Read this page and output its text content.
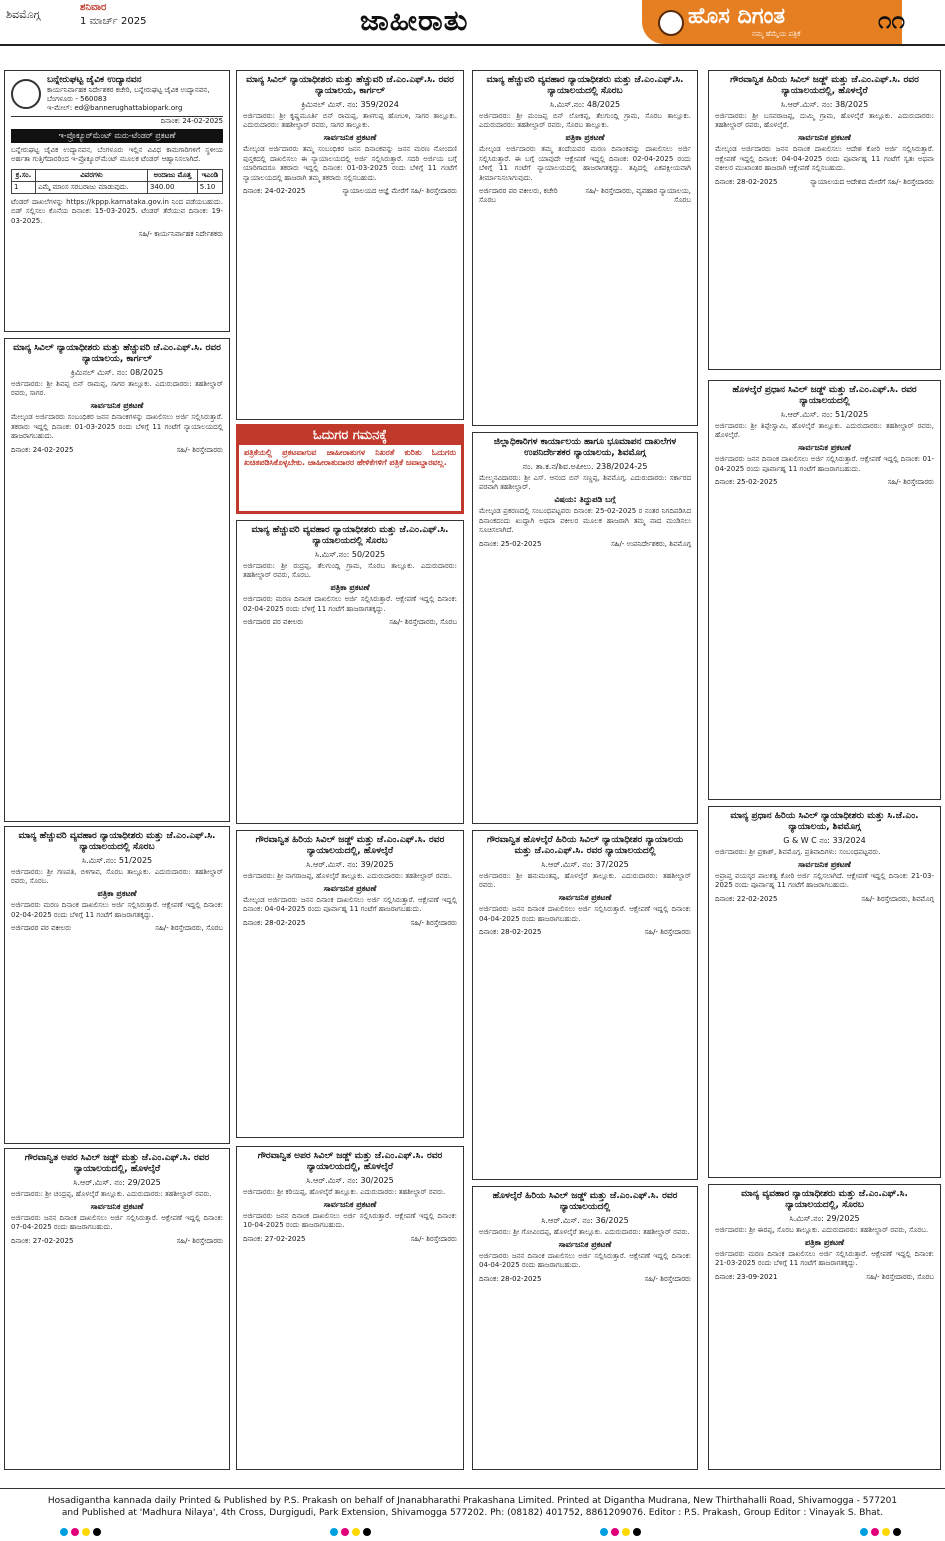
ಶಿವಮೊಗ್ಗ
ಶನಿವಾರ
1 ಮಾರ್ಚ್ 2025	ಜಾಹೀರಾತು	ಹೊಸ ದಿಗಂತ
ನಮ್ಮ ಹೆಮ್ಮೆಯ ಪತ್ರಿಕೆ	೧೧
ಬನ್ನೇರುಘಟ್ಟ ಜೈವಿಕ ಉದ್ಯಾನವನ
ಕಾರ್ಯನಿರ್ವಾಹಕ ನಿರ್ದೇಶಕರ ಕಚೇರಿ, ಬನ್ನೇರುಘಟ್ಟ ಜೈವಿಕ ಉದ್ಯಾನವನ, ಬೆಂಗಳೂರು - 560083
ಇ-ಮೇಲ್: ed@bannerughattabiopark.org
ದಿನಾಂಕ: 24-02-2025
ಇ-ಪ್ರೊಕ್ಯೂರ್‌ಮೆಂಟ್ ಮರು-ಟೆಂಡರ್ ಪ್ರಕಟಣೆ
ಬನ್ನೇರುಘಟ್ಟ ಜೈವಿಕ ಉದ್ಯಾನವನ, ಬೆಂಗಳೂರು ಇಲ್ಲಿನ ವಿವಿಧ ಕಾಮಗಾರಿಗಳಿಗೆ ಸ್ಥಳೀಯ ಅರ್ಹತಾ ಗುತ್ತಿಗೆದಾರರಿಂದ ಇ-ಪ್ರೊಕ್ಯೂರ್‌ಮೆಂಟ್ ಮೂಲಕ ಟೆಂಡರ್ ಆಹ್ವಾನಿಸಲಾಗಿದೆ.
ಕ್ರ.ಸಂ.	ವಿವರಗಳು	ಅಂದಾಜು ಮೊತ್ತ	ಇಎಂಡಿ
1	ಎಮ್ಮೆ ಮಾಂಸ ಸರಬರಾಜು ಮಾಡುವುದು.	340.00	5.10
ಟೆಂಡರ್ ದಾಖಲೆಗಳನ್ನು https://kppp.karnataka.gov.in ನಿಂದ ಪಡೆಯಬಹುದು. ಬಿಡ್ ಸಲ್ಲಿಸಲು ಕೊನೆಯ ದಿನಾಂಕ: 15-03-2025. ಟೆಂಡರ್ ತೆರೆಯುವ ದಿನಾಂಕ: 19-03-2025.
ಸಹಿ/- ಕಾರ್ಯನಿರ್ವಾಹಕ ನಿರ್ದೇಶಕರು
ಓದುಗರ ಗಮನಕ್ಕೆ
ಪತ್ರಿಕೆಯಲ್ಲಿ ಪ್ರಕಟವಾಗುವ ಜಾಹೀರಾತುಗಳ ನಿಖರತೆ ಕುರಿತು ಓದುಗರು ಖಚಿತಪಡಿಸಿಕೊಳ್ಳಬೇಕು. ಜಾಹೀರಾತುದಾರರ ಹೇಳಿಕೆಗಳಿಗೆ ಪತ್ರಿಕೆ ಜವಾಬ್ದಾರವಲ್ಲ.
ಮಾನ್ಯ ಸಿವಿಲ್ ನ್ಯಾಯಾಧೀಶರು ಮತ್ತು ಹೆಚ್ಚುವರಿ ಜೆ.ಎಂ.ಎಫ್.ಸಿ. ರವರ ನ್ಯಾಯಾಲಯ, ಕಾರ್ಗಲ್
ಕ್ರಿಮಿನಲ್ ಮಿಸ್. ನಂ: 359/2024
ಅರ್ಜಿದಾರರು: ಶ್ರೀ ಕೃಷ್ಣಮೂರ್ತಿ ಬಿನ್ ರಾಮಪ್ಪ, ತಾಳಗುಪ್ಪ ಹೋಬಳಿ, ಸಾಗರ ತಾಲ್ಲೂಕು. ಎದುರುದಾರರು: ತಹಶೀಲ್ದಾರ್ ರವರು, ಸಾಗರ ತಾಲ್ಲೂಕು.
ಸಾರ್ವಜನಿಕ ಪ್ರಕಟಣೆ
ಮೇಲ್ಕಂಡ ಅರ್ಜಿದಾರರು ತಮ್ಮ ಸಂಬಂಧಿಕರ ಜನನ ದಿನಾಂಕವನ್ನು ಜನನ ಮರಣ ನೋಂದಣಿ ಪುಸ್ತಕದಲ್ಲಿ ದಾಖಲಿಸಲು ಈ ನ್ಯಾಯಾಲಯದಲ್ಲಿ ಅರ್ಜಿ ಸಲ್ಲಿಸಿರುತ್ತಾರೆ. ಸದರಿ ಅರ್ಜಿಯ ಬಗ್ಗೆ ಯಾರಿಗಾದರೂ ತಕರಾರು ಇದ್ದಲ್ಲಿ ದಿನಾಂಕ: 01-03-2025 ರಂದು ಬೆಳಿಗ್ಗೆ 11 ಗಂಟೆಗೆ ನ್ಯಾಯಾಲಯದಲ್ಲಿ ಹಾಜರಾಗಿ ತಮ್ಮ ತಕರಾರು ಸಲ್ಲಿಸಬಹುದು.
ದಿನಾಂಕ: 24-02-2025	ನ್ಯಾಯಾಲಯದ ಆಜ್ಞೆ ಮೇರೆಗೆ ಸಹಿ/- ಶಿರಸ್ತೇದಾರರು
ಮಾನ್ಯ ಹೆಚ್ಚುವರಿ ವ್ಯವಹಾರ ನ್ಯಾಯಾಧೀಶರು ಮತ್ತು ಜೆ.ಎಂ.ಎಫ್.ಸಿ. ನ್ಯಾಯಾಲಯದಲ್ಲಿ ಸೊರಬ
ಸಿ.ಮಿಸ್.ನಂ: 48/2025
ಅರ್ಜಿದಾರರು: ಶ್ರೀ ಮಂಜಪ್ಪ ಬಿನ್ ಲೋಕಪ್ಪ, ತೆಲಗುಂದ್ಲಿ ಗ್ರಾಮ, ಸೊರಬ ತಾಲ್ಲೂಕು. ಎದುರುದಾರರು: ತಹಶೀಲ್ದಾರ್ ರವರು, ಸೊರಬ ತಾಲ್ಲೂಕು.
ಪತ್ರಿಕಾ ಪ್ರಕಟಣೆ
ಮೇಲ್ಕಂಡ ಅರ್ಜಿದಾರರು ತಮ್ಮ ತಂದೆಯವರ ಮರಣ ದಿನಾಂಕವನ್ನು ದಾಖಲಿಸಲು ಅರ್ಜಿ ಸಲ್ಲಿಸಿರುತ್ತಾರೆ. ಈ ಬಗ್ಗೆ ಯಾವುದೇ ಆಕ್ಷೇಪಣೆ ಇದ್ದಲ್ಲಿ ದಿನಾಂಕ: 02-04-2025 ರಂದು ಬೆಳಿಗ್ಗೆ 11 ಗಂಟೆಗೆ ನ್ಯಾಯಾಲಯದಲ್ಲಿ ಹಾಜರಾಗತಕ್ಕದ್ದು. ತಪ್ಪಿದಲ್ಲಿ ಏಕಪಕ್ಷೀಯವಾಗಿ ತೀರ್ಮಾನಿಸಲಾಗುವುದು.
ಅರ್ಜಿದಾರರ ಪರ ವಕೀಲರು, ಕಚೇರಿ ಸೊರಬ
ಸಹಿ/- ಶಿರಸ್ತೇದಾರರು, ವ್ಯವಹಾರ ನ್ಯಾಯಾಲಯ, ಸೊರಬ
ಗೌರವಾನ್ವಿತ ಹಿರಿಯ ಸಿವಿಲ್ ಜಡ್ಜ್ ಮತ್ತು ಜೆ.ಎಂ.ಎಫ್.ಸಿ. ರವರ ನ್ಯಾಯಾಲಯದಲ್ಲಿ, ಹೊಳಲ್ಕೆರೆ
ಸಿ.ಆರ್.ಮಿಸ್. ನಂ: 38/2025
ಅರ್ಜಿದಾರರು: ಶ್ರೀ ಬಸವರಾಜಪ್ಪ, ದುಮ್ಮಿ ಗ್ರಾಮ, ಹೊಳಲ್ಕೆರೆ ತಾಲ್ಲೂಕು. ಎದುರುದಾರರು: ತಹಶೀಲ್ದಾರ್ ರವರು, ಹೊಳಲ್ಕೆರೆ.
ಸಾರ್ವಜನಿಕ ಪ್ರಕಟಣೆ
ಮೇಲ್ಕಂಡ ಅರ್ಜಿದಾರರು ಜನನ ದಿನಾಂಕ ದಾಖಲಿಸಲು ಆದೇಶ ಕೋರಿ ಅರ್ಜಿ ಸಲ್ಲಿಸಿರುತ್ತಾರೆ. ಆಕ್ಷೇಪಣೆ ಇದ್ದಲ್ಲಿ ದಿನಾಂಕ: 04-04-2025 ರಂದು ಪೂರ್ವಾಹ್ನ 11 ಗಂಟೆಗೆ ಸ್ವತಃ ಅಥವಾ ವಕೀಲರ ಮುಖಾಂತರ ಹಾಜರಾಗಿ ಆಕ್ಷೇಪಣೆ ಸಲ್ಲಿಸಬಹುದು.
ದಿನಾಂಕ: 28-02-2025	ನ್ಯಾಯಾಲಯದ ಆದೇಶದ ಮೇರೆಗೆ ಸಹಿ/- ಶಿರಸ್ತೇದಾರರು
ಮಾನ್ಯ ಸಿವಿಲ್ ನ್ಯಾಯಾಧೀಶರು ಮತ್ತು ಹೆಚ್ಚುವರಿ ಜೆ.ಎಂ.ಎಫ್.ಸಿ. ರವರ ನ್ಯಾಯಾಲಯ, ಕಾರ್ಗಲ್
ಕ್ರಿಮಿನಲ್ ಮಿಸ್. ನಂ: 08/2025
ಅರ್ಜಿದಾರರು: ಶ್ರೀ ಶಿವಪ್ಪ ಬಿನ್ ರಾಮಪ್ಪ, ಸಾಗರ ತಾಲ್ಲೂಕು. ಎದುರುದಾರರು: ತಹಶೀಲ್ದಾರ್ ರವರು, ಸಾಗರ.
ಸಾರ್ವಜನಿಕ ಪ್ರಕಟಣೆ
ಮೇಲ್ಕಂಡ ಅರ್ಜಿದಾರರು ಸಂಬಂಧಿಕರ ಜನನ ದಿನಾಂಕಗಳನ್ನು ದಾಖಲಿಸಲು ಅರ್ಜಿ ಸಲ್ಲಿಸಿರುತ್ತಾರೆ. ತಕರಾರು ಇದ್ದಲ್ಲಿ ದಿನಾಂಕ: 01-03-2025 ರಂದು ಬೆಳಿಗ್ಗೆ 11 ಗಂಟೆಗೆ ನ್ಯಾಯಾಲಯದಲ್ಲಿ ಹಾಜರಾಗಬಹುದು.
ದಿನಾಂಕ: 24-02-2025	ಸಹಿ/- ಶಿರಸ್ತೇದಾರರು
ಮಾನ್ಯ ಹೆಚ್ಚುವರಿ ವ್ಯವಹಾರ ನ್ಯಾಯಾಧೀಶರು ಮತ್ತು ಜೆ.ಎಂ.ಎಫ್.ಸಿ. ನ್ಯಾಯಾಲಯದಲ್ಲಿ ಸೊರಬ
ಸಿ.ಮಿಸ್.ನಂ: 50/2025
ಅರ್ಜಿದಾರರು: ಶ್ರೀ ರುದ್ರಪ್ಪ, ತೆಲಗುಂದ್ಲಿ ಗ್ರಾಮ, ಸೊರಬ ತಾಲ್ಲೂಕು. ಎದುರುದಾರರು: ತಹಶೀಲ್ದಾರ್ ರವರು, ಸೊರಬ.
ಪತ್ರಿಕಾ ಪ್ರಕಟಣೆ
ಅರ್ಜಿದಾರರು ಮರಣ ದಿನಾಂಕ ದಾಖಲಿಸಲು ಅರ್ಜಿ ಸಲ್ಲಿಸಿರುತ್ತಾರೆ. ಆಕ್ಷೇಪಣೆ ಇದ್ದಲ್ಲಿ ದಿನಾಂಕ: 02-04-2025 ರಂದು ಬೆಳಿಗ್ಗೆ 11 ಗಂಟೆಗೆ ಹಾಜರಾಗತಕ್ಕದ್ದು.
ಅರ್ಜಿದಾರರ ಪರ ವಕೀಲರು	ಸಹಿ/- ಶಿರಸ್ತೇದಾರರು, ಸೊರಬ
ಜಿಲ್ಲಾಧಿಕಾರಿಗಳ ಕಾರ್ಯಾಲಯ ಹಾಗೂ ಭೂಮಾಪನ ದಾಖಲೆಗಳ ಉಪನಿರ್ದೇಶಕರ ನ್ಯಾಯಾಲಯ, ಶಿವಮೊಗ್ಗ
ನಂ. ತಾ.ಕ.ನ/ಶಿವ.ಅಪೀಲು. 238/2024-25
ಮೇಲ್ಮನವಿದಾರರು: ಶ್ರೀ ಎಸ್. ಆನಂದ ಬಿನ್ ಸಣ್ಣಪ್ಪ, ಶಿವಮೊಗ್ಗ. ಎದುರುದಾರರು: ಸರ್ಕಾರದ ಪರವಾಗಿ ತಹಶೀಲ್ದಾರ್.
ವಿಷಯ: ತಿದ್ದುಪಡಿ ಬಗ್ಗೆ
ಮೇಲ್ಕಂಡ ಪ್ರಕರಣದಲ್ಲಿ ಸಂಬಂಧಪಟ್ಟವರು ದಿನಾಂಕ: 25-02-2025 ರ ನಂತರ ನಿಗದಿಪಡಿಸಿದ ದಿನಾಂಕದಂದು ಖುದ್ದಾಗಿ ಅಥವಾ ವಕೀಲರ ಮೂಲಕ ಹಾಜರಾಗಿ ತಮ್ಮ ವಾದ ಮಂಡಿಸಲು ಸೂಚಿಸಲಾಗಿದೆ.
ದಿನಾಂಕ: 25-02-2025	ಸಹಿ/- ಉಪನಿರ್ದೇಶಕರು, ಶಿವಮೊಗ್ಗ
ಹೊಳಲ್ಕೆರೆ ಪ್ರಧಾನ ಸಿವಿಲ್ ಜಡ್ಜ್ ಮತ್ತು ಜೆ.ಎಂ.ಎಫ್.ಸಿ. ರವರ ನ್ಯಾಯಾಲಯದಲ್ಲಿ
ಸಿ.ಆರ್.ಮಿಸ್. ನಂ: 51/2025
ಅರ್ಜಿದಾರರು: ಶ್ರೀ ತಿಪ್ಪೇಸ್ವಾಮಿ, ಹೊಳಲ್ಕೆರೆ ತಾಲ್ಲೂಕು. ಎದುರುದಾರರು: ತಹಶೀಲ್ದಾರ್ ರವರು, ಹೊಳಲ್ಕೆರೆ.
ಸಾರ್ವಜನಿಕ ಪ್ರಕಟಣೆ
ಅರ್ಜಿದಾರರು ಜನನ ದಿನಾಂಕ ದಾಖಲಿಸಲು ಅರ್ಜಿ ಸಲ್ಲಿಸಿರುತ್ತಾರೆ. ಆಕ್ಷೇಪಣೆ ಇದ್ದಲ್ಲಿ ದಿನಾಂಕ: 01-04-2025 ರಂದು ಪೂರ್ವಾಹ್ನ 11 ಗಂಟೆಗೆ ಹಾಜರಾಗಬಹುದು.
ದಿನಾಂಕ: 25-02-2025	ಸಹಿ/- ಶಿರಸ್ತೇದಾರರು
ಮಾನ್ಯ ಹೆಚ್ಚುವರಿ ವ್ಯವಹಾರ ನ್ಯಾಯಾಧೀಶರು ಮತ್ತು ಜೆ.ಎಂ.ಎಫ್.ಸಿ. ನ್ಯಾಯಾಲಯದಲ್ಲಿ ಸೊರಬ
ಸಿ.ಮಿಸ್.ನಂ: 51/2025
ಅರ್ಜಿದಾರರು: ಶ್ರೀ ಗಣಪತಿ, ಬಿಳಿಗಾವ, ಸೊರಬ ತಾಲ್ಲೂಕು. ಎದುರುದಾರರು: ತಹಶೀಲ್ದಾರ್ ರವರು, ಸೊರಬ.
ಪತ್ರಿಕಾ ಪ್ರಕಟಣೆ
ಅರ್ಜಿದಾರರು ಮರಣ ದಿನಾಂಕ ದಾಖಲಿಸಲು ಅರ್ಜಿ ಸಲ್ಲಿಸಿರುತ್ತಾರೆ. ಆಕ್ಷೇಪಣೆ ಇದ್ದಲ್ಲಿ ದಿನಾಂಕ: 02-04-2025 ರಂದು ಬೆಳಿಗ್ಗೆ 11 ಗಂಟೆಗೆ ಹಾಜರಾಗತಕ್ಕದ್ದು.
ಅರ್ಜಿದಾರರ ಪರ ವಕೀಲರು	ಸಹಿ/- ಶಿರಸ್ತೇದಾರರು, ಸೊರಬ
ಗೌರವಾನ್ವಿತ ಹಿರಿಯ ಸಿವಿಲ್ ಜಡ್ಜ್ ಮತ್ತು ಜೆ.ಎಂ.ಎಫ್.ಸಿ. ರವರ ನ್ಯಾಯಾಲಯದಲ್ಲಿ, ಹೊಳಲ್ಕೆರೆ
ಸಿ.ಆರ್.ಮಿಸ್. ನಂ: 39/2025
ಅರ್ಜಿದಾರರು: ಶ್ರೀ ನಾಗರಾಜಪ್ಪ, ಹೊಳಲ್ಕೆರೆ ತಾಲ್ಲೂಕು. ಎದುರುದಾರರು: ತಹಶೀಲ್ದಾರ್ ರವರು.
ಸಾರ್ವಜನಿಕ ಪ್ರಕಟಣೆ
ಮೇಲ್ಕಂಡ ಅರ್ಜಿದಾರರು ಜನನ ದಿನಾಂಕ ದಾಖಲಿಸಲು ಅರ್ಜಿ ಸಲ್ಲಿಸಿರುತ್ತಾರೆ. ಆಕ್ಷೇಪಣೆ ಇದ್ದಲ್ಲಿ ದಿನಾಂಕ: 04-04-2025 ರಂದು ಪೂರ್ವಾಹ್ನ 11 ಗಂಟೆಗೆ ಹಾಜರಾಗಬಹುದು.
ದಿನಾಂಕ: 28-02-2025	ಸಹಿ/- ಶಿರಸ್ತೇದಾರರು
ಗೌರವಾನ್ವಿತ ಹೊಳಲ್ಕೆರೆ ಹಿರಿಯ ಸಿವಿಲ್ ನ್ಯಾಯಾಧೀಶರ ನ್ಯಾಯಾಲಯ ಮತ್ತು ಜೆ.ಎಂ.ಎಫ್.ಸಿ. ರವರ ನ್ಯಾಯಾಲಯದಲ್ಲಿ
ಸಿ.ಆರ್.ಮಿಸ್. ನಂ: 37/2025
ಅರ್ಜಿದಾರರು: ಶ್ರೀ ಹನುಮಂತಪ್ಪ, ಹೊಳಲ್ಕೆರೆ ತಾಲ್ಲೂಕು. ಎದುರುದಾರರು: ತಹಶೀಲ್ದಾರ್ ರವರು.
ಸಾರ್ವಜನಿಕ ಪ್ರಕಟಣೆ
ಅರ್ಜಿದಾರರು ಜನನ ದಿನಾಂಕ ದಾಖಲಿಸಲು ಅರ್ಜಿ ಸಲ್ಲಿಸಿರುತ್ತಾರೆ. ಆಕ್ಷೇಪಣೆ ಇದ್ದಲ್ಲಿ ದಿನಾಂಕ: 04-04-2025 ರಂದು ಹಾಜರಾಗಬಹುದು.
ದಿನಾಂಕ: 28-02-2025	ಸಹಿ/- ಶಿರಸ್ತೇದಾರರು
ಮಾನ್ಯ ಪ್ರಧಾನ ಹಿರಿಯ ಸಿವಿಲ್ ನ್ಯಾಯಾಧೀಶರು ಮತ್ತು ಸಿ.ಜೆ.ಎಂ. ನ್ಯಾಯಾಲಯ, ಶಿವಮೊಗ್ಗ
G & W C ನಂ: 33/2024
ಅರ್ಜಿದಾರರು: ಶ್ರೀ ಪ್ರಕಾಶ್, ಶಿವಮೊಗ್ಗ. ಪ್ರತಿವಾದಿಗಳು: ಸಂಬಂಧಪಟ್ಟವರು.
ಸಾರ್ವಜನಿಕ ಪ್ರಕಟಣೆ
ಅಪ್ರಾಪ್ತ ವಯಸ್ಕರ ಪಾಲಕತ್ವ ಕೋರಿ ಅರ್ಜಿ ಸಲ್ಲಿಸಲಾಗಿದೆ. ಆಕ್ಷೇಪಣೆ ಇದ್ದಲ್ಲಿ ದಿನಾಂಕ: 21-03-2025 ರಂದು ಪೂರ್ವಾಹ್ನ 11 ಗಂಟೆಗೆ ಹಾಜರಾಗಬಹುದು.
ದಿನಾಂಕ: 22-02-2025	ಸಹಿ/- ಶಿರಸ್ತೇದಾರರು, ಶಿವಮೊಗ್ಗ
ಗೌರವಾನ್ವಿತ ಅಪರ ಸಿವಿಲ್ ಜಡ್ಜ್ ಮತ್ತು ಜೆ.ಎಂ.ಎಫ್.ಸಿ. ರವರ ನ್ಯಾಯಾಲಯದಲ್ಲಿ, ಹೊಳಲ್ಕೆರೆ
ಸಿ.ಆರ್.ಮಿಸ್. ನಂ: 29/2025
ಅರ್ಜಿದಾರರು: ಶ್ರೀ ಚಂದ್ರಪ್ಪ, ಹೊಳಲ್ಕೆರೆ ತಾಲ್ಲೂಕು. ಎದುರುದಾರರು: ತಹಶೀಲ್ದಾರ್ ರವರು.
ಸಾರ್ವಜನಿಕ ಪ್ರಕಟಣೆ
ಅರ್ಜಿದಾರರು ಜನನ ದಿನಾಂಕ ದಾಖಲಿಸಲು ಅರ್ಜಿ ಸಲ್ಲಿಸಿರುತ್ತಾರೆ. ಆಕ್ಷೇಪಣೆ ಇದ್ದಲ್ಲಿ ದಿನಾಂಕ: 07-04-2025 ರಂದು ಹಾಜರಾಗಬಹುದು.
ದಿನಾಂಕ: 27-02-2025	ಸಹಿ/- ಶಿರಸ್ತೇದಾರರು
ಗೌರವಾನ್ವಿತ ಅಪರ ಸಿವಿಲ್ ಜಡ್ಜ್ ಮತ್ತು ಜೆ.ಎಂ.ಎಫ್.ಸಿ. ರವರ ನ್ಯಾಯಾಲಯದಲ್ಲಿ, ಹೊಳಲ್ಕೆರೆ
ಸಿ.ಆರ್.ಮಿಸ್. ನಂ: 30/2025
ಅರ್ಜಿದಾರರು: ಶ್ರೀ ಕರಿಯಪ್ಪ, ಹೊಳಲ್ಕೆರೆ ತಾಲ್ಲೂಕು. ಎದುರುದಾರರು: ತಹಶೀಲ್ದಾರ್ ರವರು.
ಸಾರ್ವಜನಿಕ ಪ್ರಕಟಣೆ
ಅರ್ಜಿದಾರರು ಜನನ ದಿನಾಂಕ ದಾಖಲಿಸಲು ಅರ್ಜಿ ಸಲ್ಲಿಸಿರುತ್ತಾರೆ. ಆಕ್ಷೇಪಣೆ ಇದ್ದಲ್ಲಿ ದಿನಾಂಕ: 10-04-2025 ರಂದು ಹಾಜರಾಗಬಹುದು.
ದಿನಾಂಕ: 27-02-2025	ಸಹಿ/- ಶಿರಸ್ತೇದಾರರು
ಹೊಳಲ್ಕೆರೆ ಹಿರಿಯ ಸಿವಿಲ್ ಜಡ್ಜ್ ಮತ್ತು ಜೆ.ಎಂ.ಎಫ್.ಸಿ. ರವರ ನ್ಯಾಯಾಲಯದಲ್ಲಿ
ಸಿ.ಆರ್.ಮಿಸ್. ನಂ: 36/2025
ಅರ್ಜಿದಾರರು: ಶ್ರೀ ಗೋವಿಂದಪ್ಪ, ಹೊಳಲ್ಕೆರೆ ತಾಲ್ಲೂಕು. ಎದುರುದಾರರು: ತಹಶೀಲ್ದಾರ್ ರವರು.
ಸಾರ್ವಜನಿಕ ಪ್ರಕಟಣೆ
ಅರ್ಜಿದಾರರು ಜನನ ದಿನಾಂಕ ದಾಖಲಿಸಲು ಅರ್ಜಿ ಸಲ್ಲಿಸಿರುತ್ತಾರೆ. ಆಕ್ಷೇಪಣೆ ಇದ್ದಲ್ಲಿ ದಿನಾಂಕ: 04-04-2025 ರಂದು ಹಾಜರಾಗಬಹುದು.
ದಿನಾಂಕ: 28-02-2025	ಸಹಿ/- ಶಿರಸ್ತೇದಾರರು
ಮಾನ್ಯ ವ್ಯವಹಾರ ನ್ಯಾಯಾಧೀಶರು ಮತ್ತು ಜೆ.ಎಂ.ಎಫ್.ಸಿ. ನ್ಯಾಯಾಲಯದಲ್ಲಿ, ಸೊರಬ
ಸಿ.ಮಿಸ್.ನಂ: 29/2025
ಅರ್ಜಿದಾರರು: ಶ್ರೀ ಈರಪ್ಪ, ಸೊರಬ ತಾಲ್ಲೂಕು. ಎದುರುದಾರರು: ತಹಶೀಲ್ದಾರ್ ರವರು, ಸೊರಬ.
ಪತ್ರಿಕಾ ಪ್ರಕಟಣೆ
ಅರ್ಜಿದಾರರು ಮರಣ ದಿನಾಂಕ ದಾಖಲಿಸಲು ಅರ್ಜಿ ಸಲ್ಲಿಸಿರುತ್ತಾರೆ. ಆಕ್ಷೇಪಣೆ ಇದ್ದಲ್ಲಿ ದಿನಾಂಕ: 21-03-2025 ರಂದು ಬೆಳಿಗ್ಗೆ 11 ಗಂಟೆಗೆ ಹಾಜರಾಗತಕ್ಕದ್ದು.
ದಿನಾಂಕ: 23-09-2021	ಸಹಿ/- ಶಿರಸ್ತೇದಾರರು, ಸೊರಬ
Hosadigantha kannada daily Printed & Published by P.S. Prakash on behalf of Jnanabharathi Prakashana Limited. Printed at Digantha Mudrana, New Thirthahalli Road, Shivamogga - 577201
and Published at 'Madhura Nilaya', 4th Cross, Durgigudi, Park Extension, Shivamogga 577202. Ph: (08182) 401752, 8861209076. Editor : P.S. Prakash, Group Editor : Vinayak S. Bhat.
